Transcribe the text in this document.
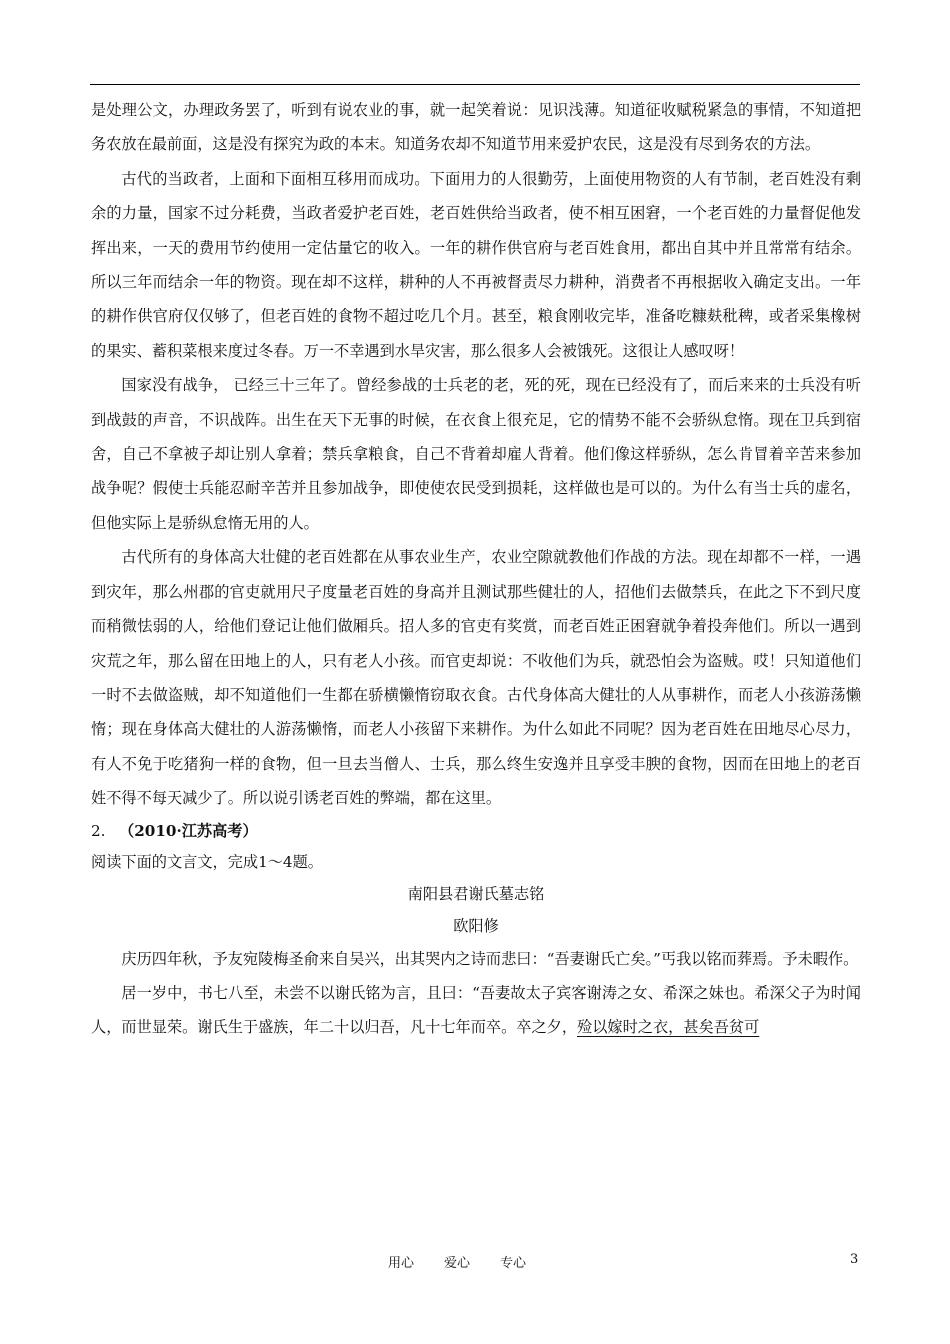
是处理公文，办理政务罢了，听到有说农业的事，就一起笑着说：见识浅薄。知道征收赋税紧急的事情，不知道把务农放在最前面，这是没有探究为政的本末。知道务农却不知道节用来爱护农民，这是没有尽到务农的方法。

古代的当政者，上面和下面相互移用而成功。下面用力的人很勤劳，上面使用物资的人有节制，老百姓没有剩余的力量，国家不过分耗费，当政者爱护老百姓，老百姓供给当政者，使不相互困窘，一个老百姓的力量督促他发挥出来，一天的费用节约使用一定估量它的收入。一年的耕作供官府与老百姓食用，都出自其中并且常常有结余。所以三年而结余一年的物资。现在却不这样，耕种的人不再被督责尽力耕种，消费者不再根据收入确定支出。一年的耕作供官府仅仅够了，但老百姓的食物不超过吃几个月。甚至，粮食刚收完毕，准备吃糠麸秕稗，或者采集橡树的果实、蓄积菜根来度过冬春。万一不幸遇到水旱灾害，那么很多人会被饿死。这很让人感叹呀！

国家没有战争， 已经三十三年了。曾经参战的士兵老的老，死的死，现在已经没有了，而后来来的士兵没有听到战鼓的声音，不识战阵。出生在天下无事的时候，在衣食上很充足，它的情势不能不会骄纵怠惰。现在卫兵到宿舍，自己不拿被子却让别人拿着；禁兵拿粮食，自己不背着却雇人背着。他们像这样骄纵，怎么肯冒着辛苦来参加战争呢？假使士兵能忍耐辛苦并且参加战争，即使使农民受到损耗，这样做也是可以的。为什么有当士兵的虚名，但他实际上是骄纵怠惰无用的人。

古代所有的身体高大壮健的老百姓都在从事农业生产，农业空隙就教他们作战的方法。现在却都不一样，一遇到灾年，那么州郡的官吏就用尺子度量老百姓的身高并且测试那些健壮的人，招他们去做禁兵，在此之下不到尺度而稍微怯弱的人，给他们登记让他们做厢兵。招人多的官吏有奖赏，而老百姓正困窘就争着投奔他们。所以一遇到灾荒之年，那么留在田地上的人，只有老人小孩。而官吏却说：不收他们为兵，就恐怕会为盗贼。哎！只知道他们一时不去做盗贼，却不知道他们一生都在骄横懒惰窃取衣食。古代身体高大健壮的人从事耕作，而老人小孩游荡懒惰；现在身体高大健壮的人游荡懒惰，而老人小孩留下来耕作。为什么如此不同呢？因为老百姓在田地尽心尽力，有人不免于吃猪狗一样的食物，但一旦去当僧人、士兵，那么终生安逸并且享受丰腴的食物，因而在田地上的老百姓不得不每天减少了。所以说引诱老百姓的弊端，都在这里。

2. （2010·江苏高考）

阅读下面的文言文，完成1～4题。

南阳县君谢氏墓志铭

欧阳修

庆历四年秋，予友宛陵梅圣俞来自吴兴，出其哭内之诗而悲曰：“吾妻谢氏亡矣。”丐我以铭而葬焉。予未暇作。

居一岁中，书七八至，未尝不以谢氏铭为言，且曰：“吾妻故太子宾客谢涛之女、希深之妹也。希深父子为时闻人，而世显荣。谢氏生于盛族，年二十以归吾，凡十七年而卒。卒之夕，殓以嫁时之衣，甚矣吾贫可

用心 爱心 专心	3
